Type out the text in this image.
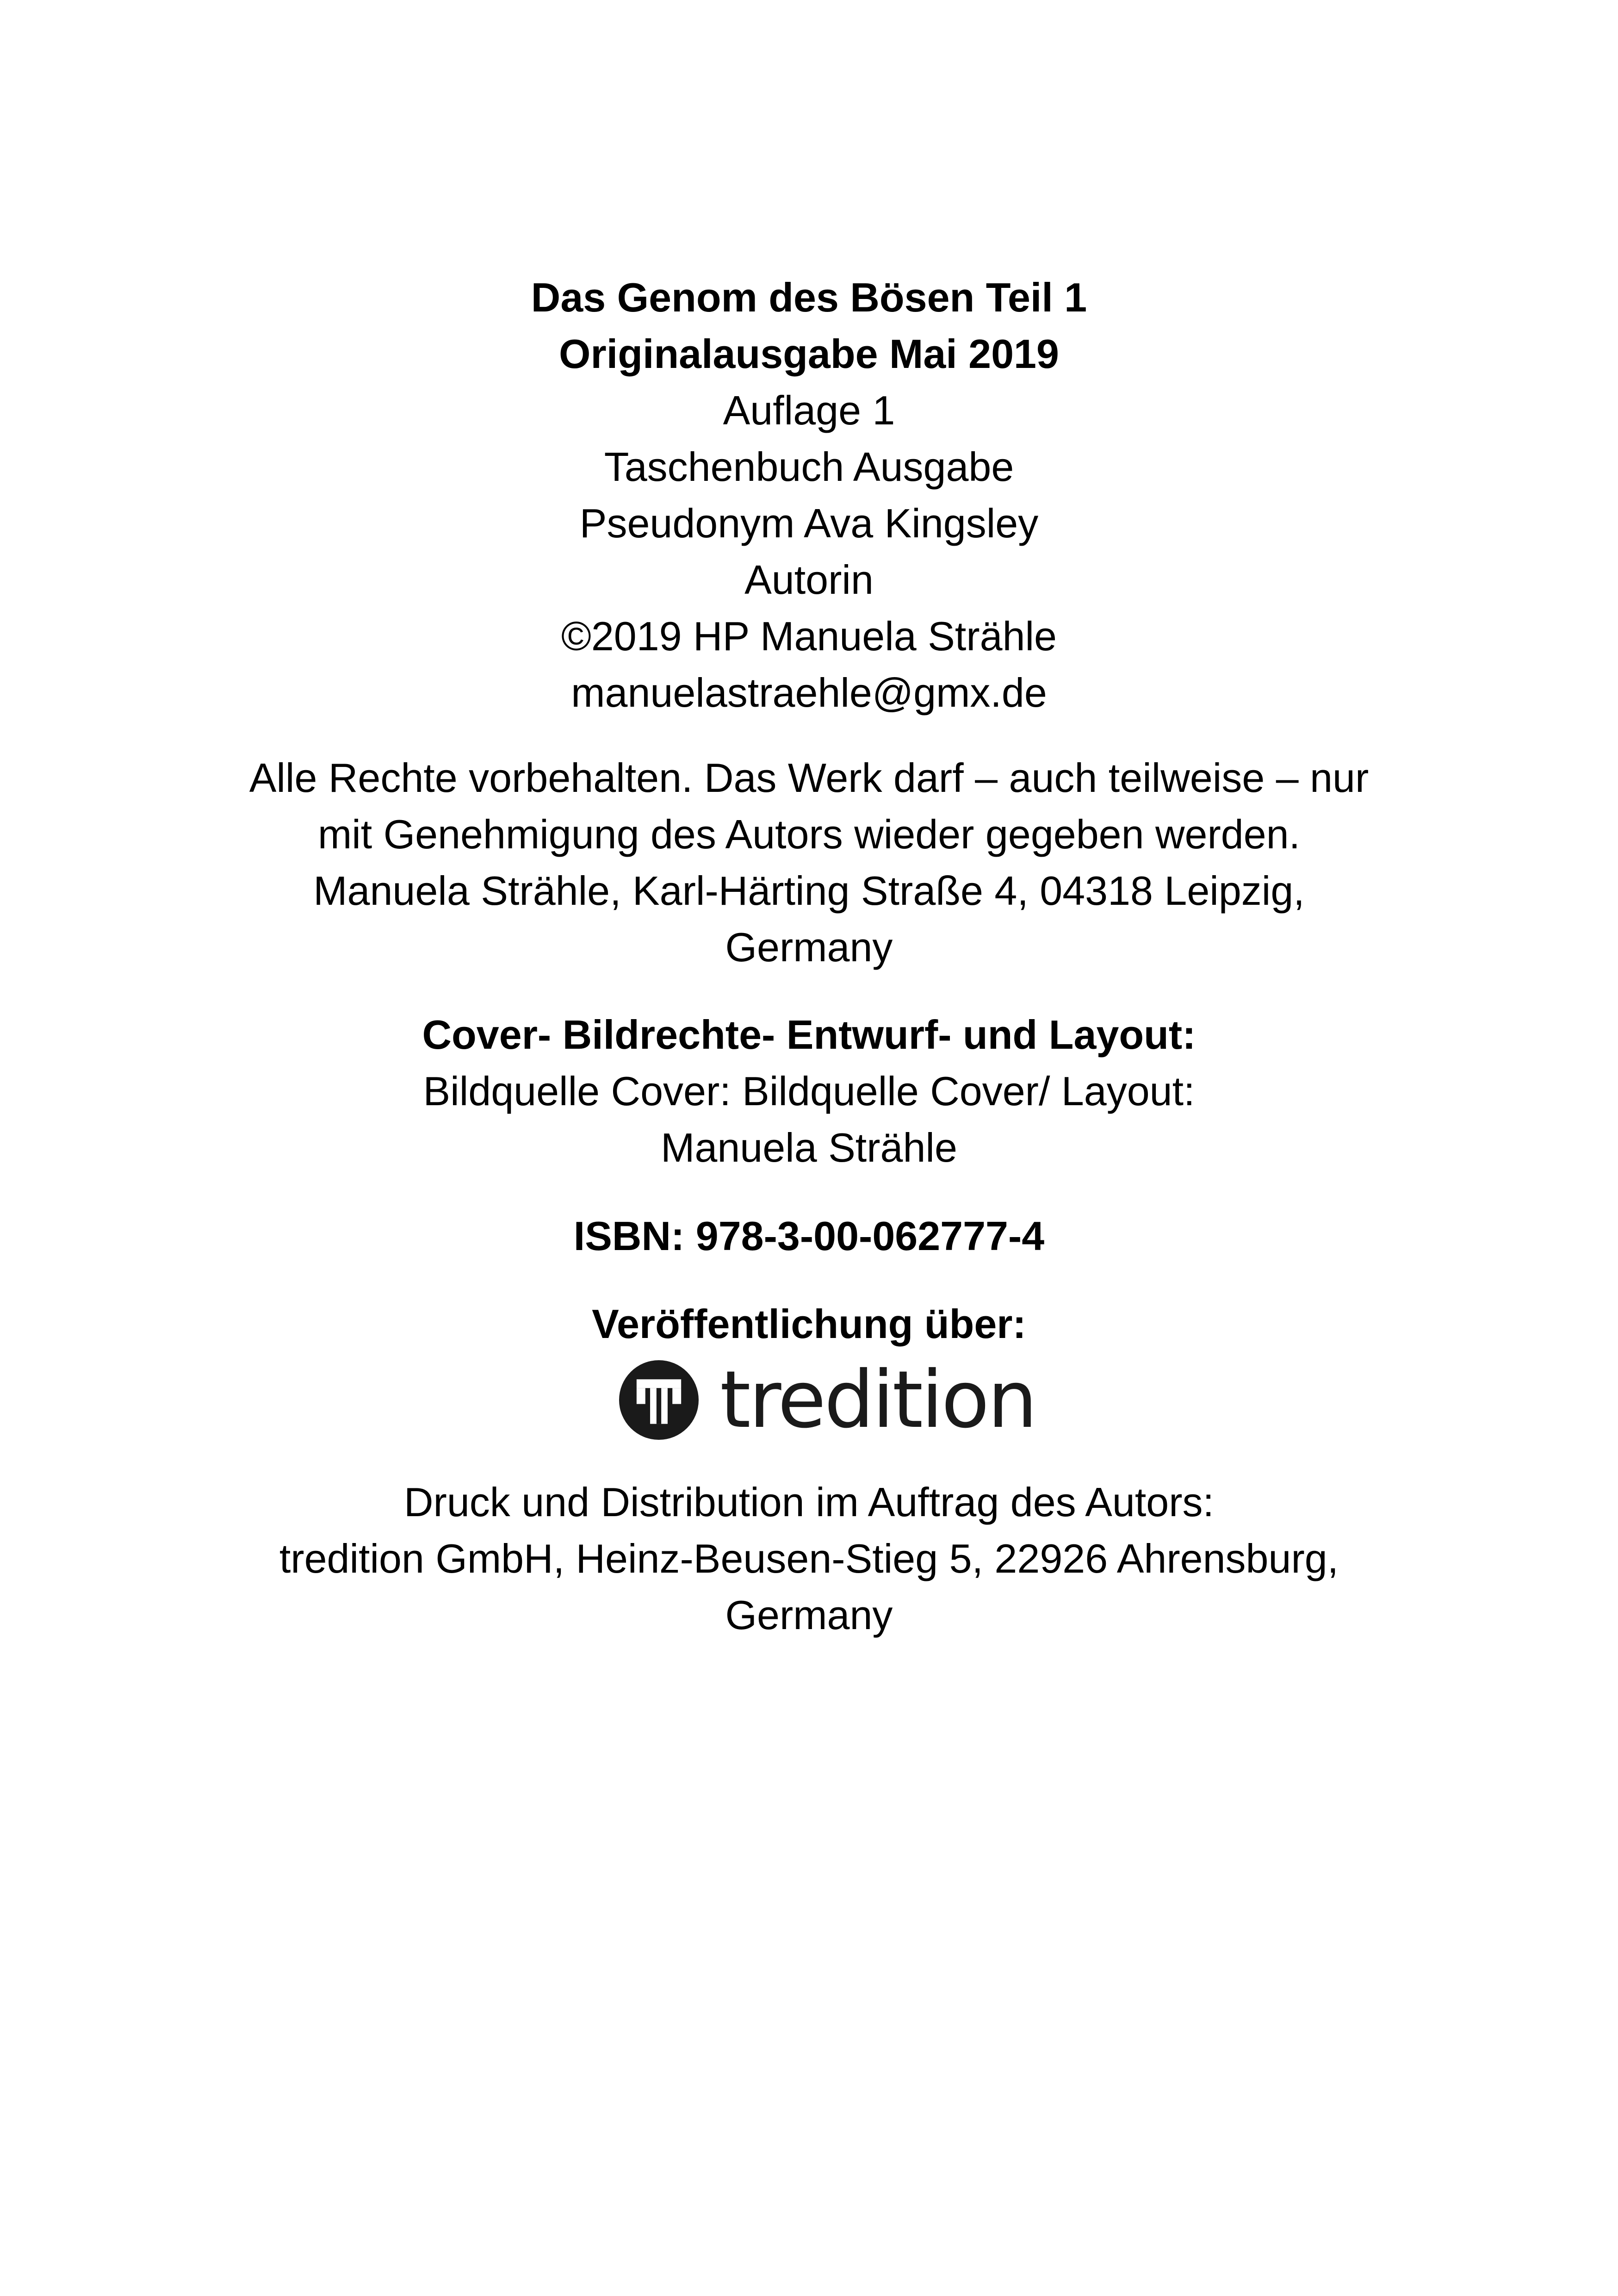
Das Genom des Bösen Teil 1
Originalausgabe Mai 2019
Auflage 1
Taschenbuch Ausgabe
Pseudonym Ava Kingsley
Autorin
©2019 HP Manuela Strähle
manuelastraehle@gmx.de
Alle Rechte vorbehalten. Das Werk darf – auch teilweise – nur
mit Genehmigung des Autors wieder gegeben werden.
Manuela Strähle, Karl-Härting Straße 4, 04318 Leipzig,
Germany
Cover- Bildrechte- Entwurf- und Layout:
Bildquelle Cover: Bildquelle Cover/ Layout:
Manuela Strähle
ISBN: 978-3-00-062777-4
Veröffentlichung über:
tredition
Druck und Distribution im Auftrag des Autors:
tredition GmbH, Heinz-Beusen-Stieg 5, 22926 Ahrensburg,
Germany
